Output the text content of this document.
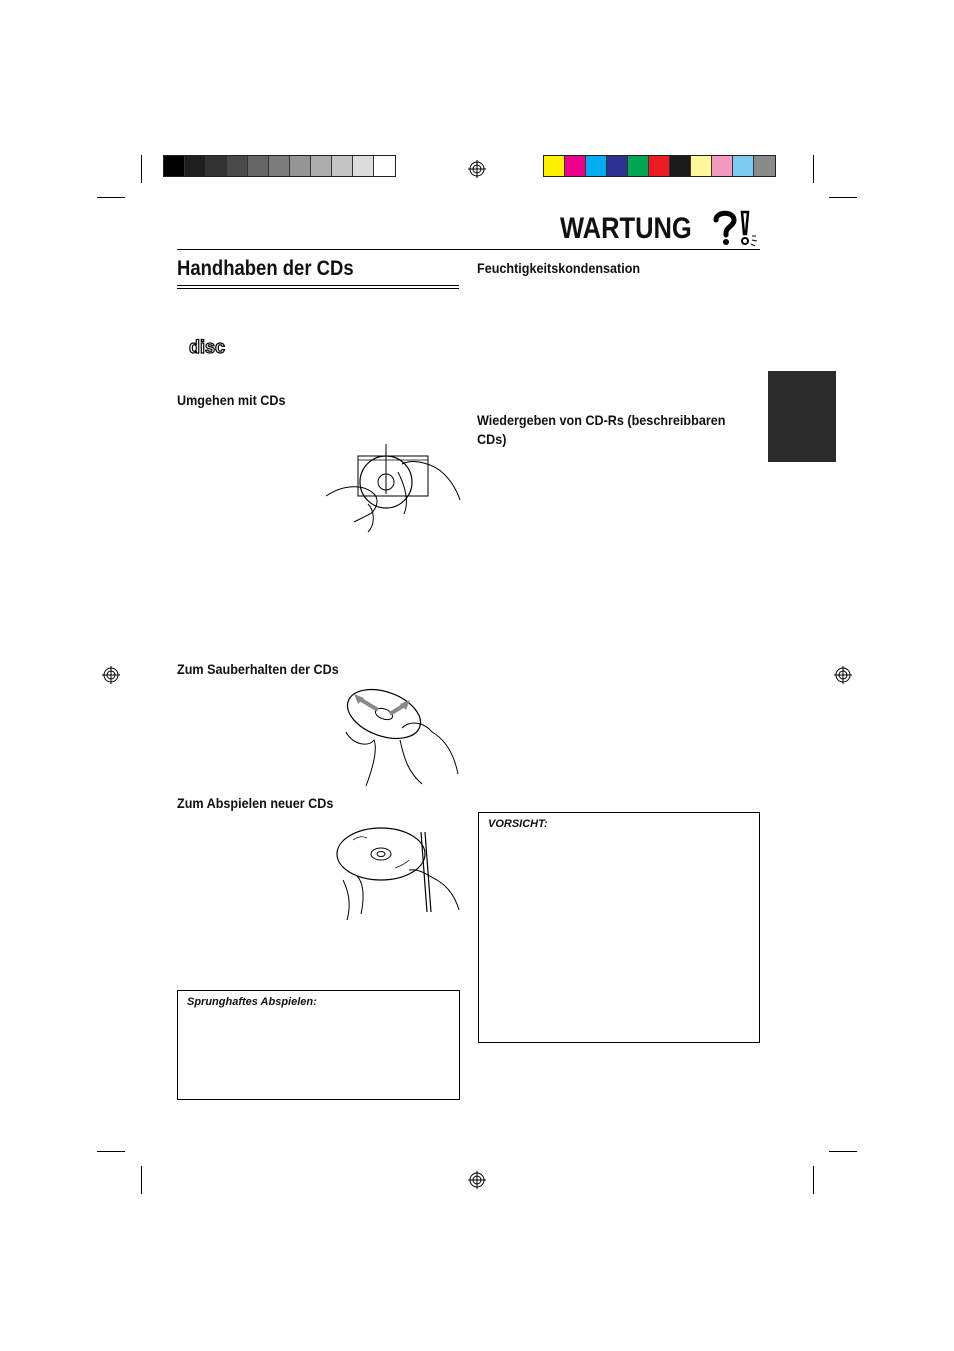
WARTUNG
Handhaben der CDs
disc
Umgehen mit CDs
Zum Sauberhalten der CDs
Zum Abspielen neuer CDs
Sprunghaftes Abspielen:
Feuchtigkeitskondensation
Wiedergeben von CD-Rs (beschreibbaren CDs)
VORSICHT:
